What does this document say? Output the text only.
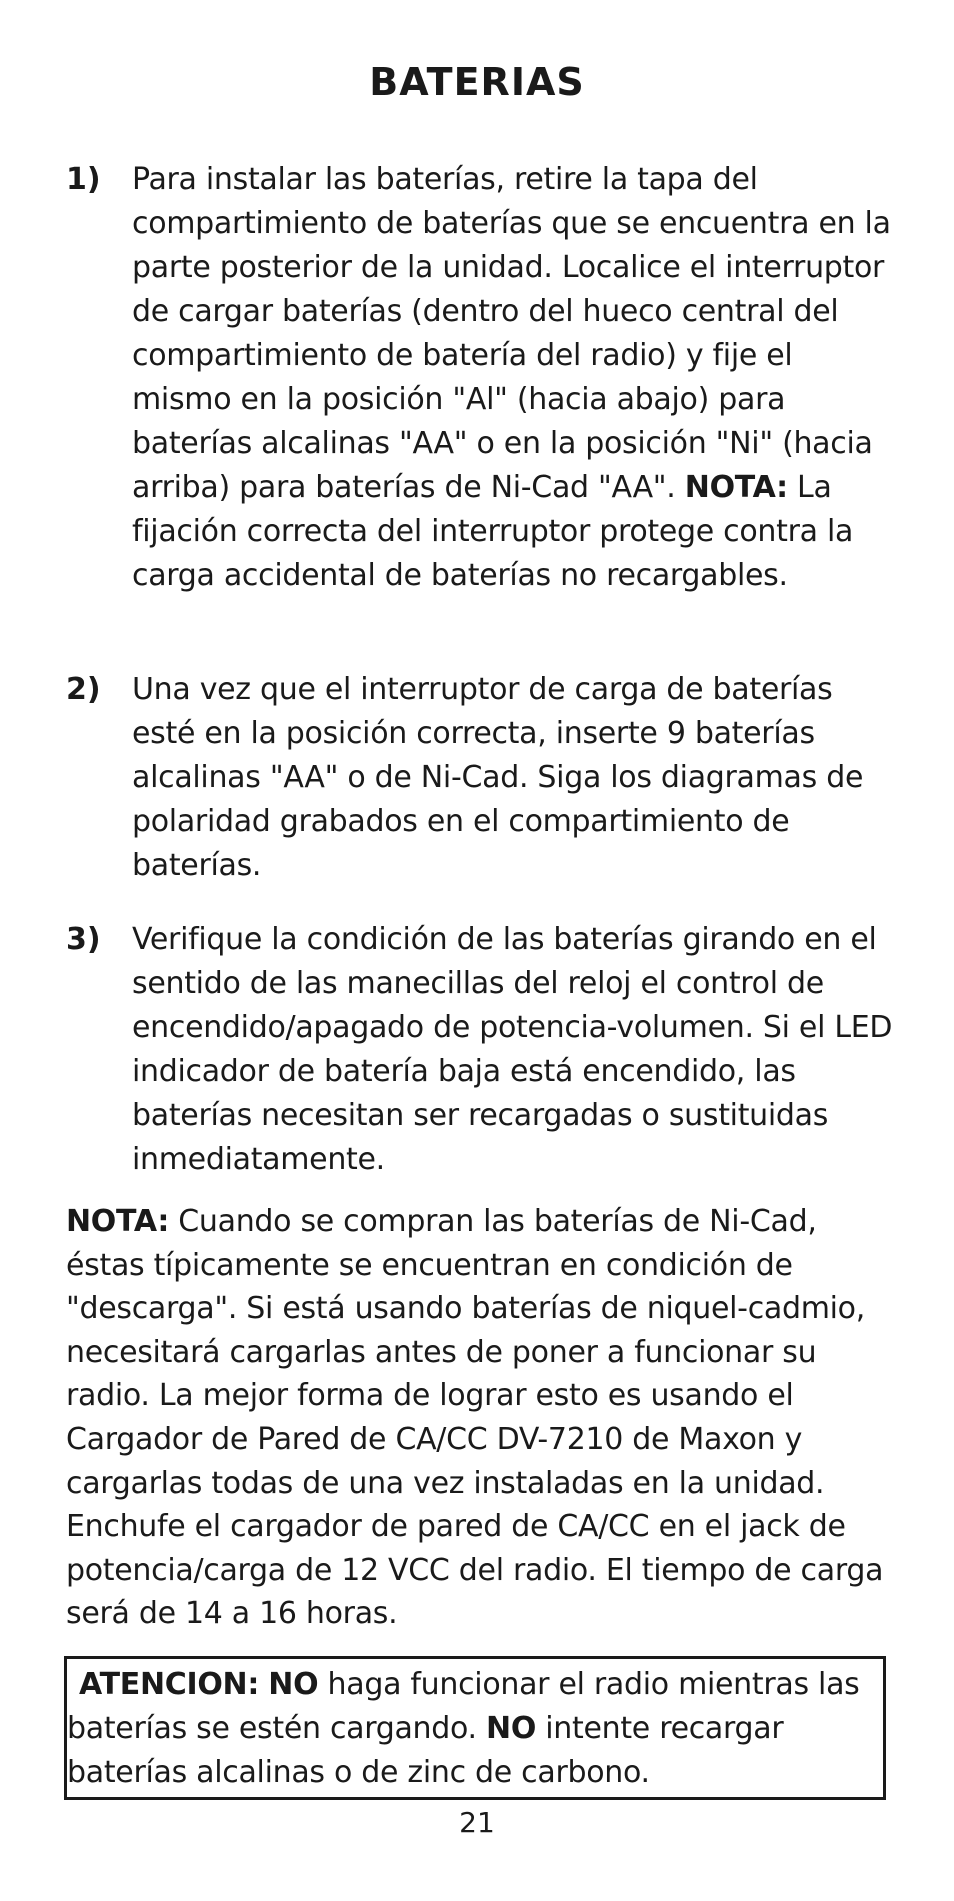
BATERIAS
1) Para instalar las baterías, retire la tapa del compartimiento de baterías que se encuentra en la parte posterior de la unidad. Localice el interruptor de cargar baterías (dentro del hueco central del compartimiento de batería del radio) y fije el mismo en la posición "Al" (hacia abajo) para baterías alcalinas "AA" o en la posición "Ni" (hacia arriba) para baterías de Ni-Cad "AA". NOTA: La fijación correcta del interruptor protege contra la carga accidental de baterías no recargables.
2) Una vez que el interruptor de carga de baterías esté en la posición correcta, inserte 9 baterías alcalinas "AA" o de Ni-Cad. Siga los diagramas de polaridad grabados en el compartimiento de baterías.
3) Verifique la condición de las baterías girando en el sentido de las manecillas del reloj el control de encendido/apagado de potencia-volumen. Si el LED indicador de batería baja está encendido, las baterías necesitan ser recargadas o sustituidas inmediatamente.
NOTA: Cuando se compran las baterías de Ni-Cad, éstas típicamente se encuentran en condición de "descarga". Si está usando baterías de niquel-cadmio, necesitará cargarlas antes de poner a funcionar su radio. La mejor forma de lograr esto es usando el Cargador de Pared de CA/CC DV-7210 de Maxon y cargarlas todas de una vez instaladas en la unidad. Enchufe el cargador de pared de CA/CC en el jack de potencia/carga de 12 VCC del radio. El tiempo de carga será de 14 a 16 horas.
ATENCION: NO haga funcionar el radio mientras las baterías se estén cargando. NO intente recargar baterías alcalinas o de zinc de carbono.
21
